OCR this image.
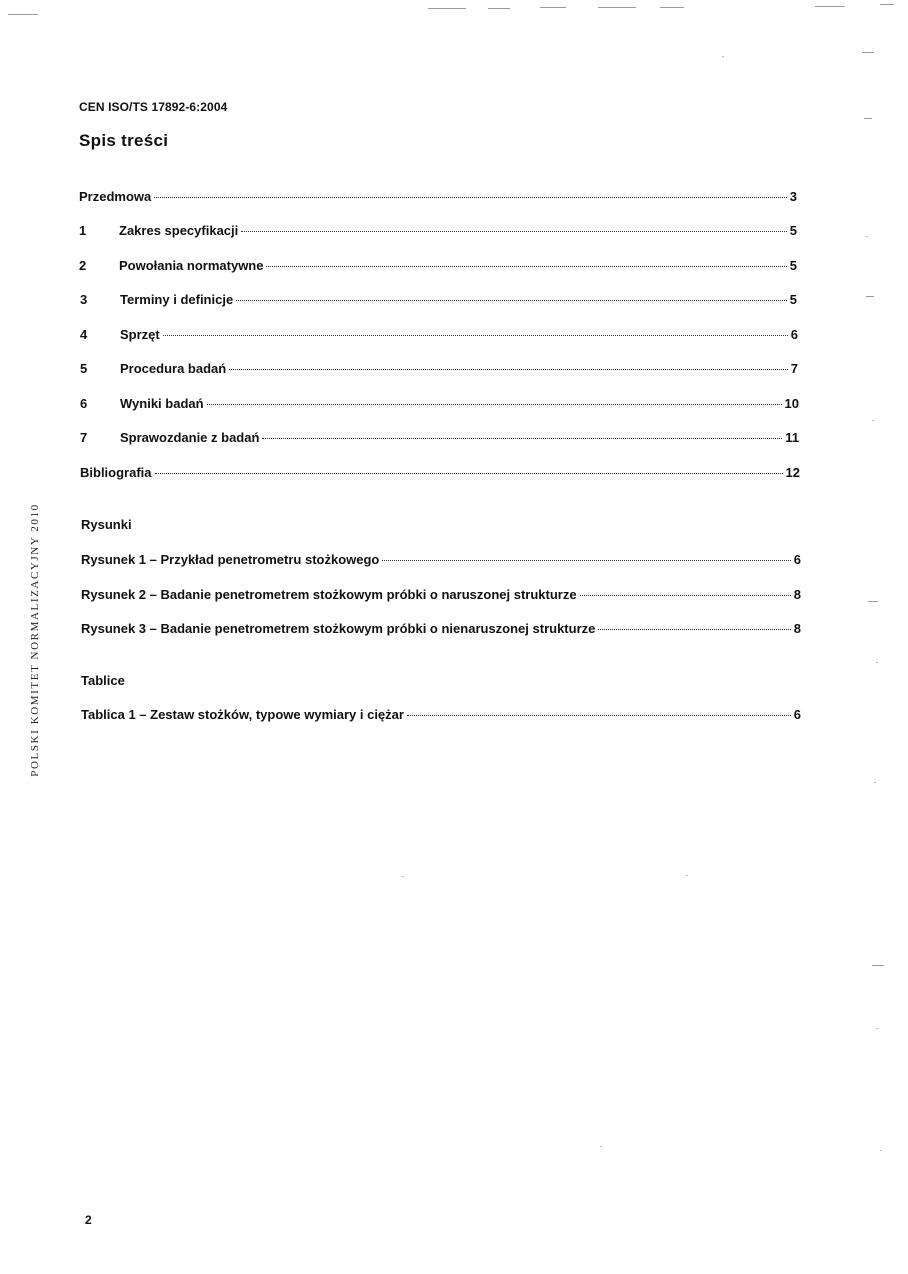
CEN ISO/TS 17892-6:2004
Spis treści
Przedmowa	3
1	Zakres specyfikacji	5
2	Powołania normatywne	5
3	Terminy i definicje	5
4	Sprzęt	6
5	Procedura badań	7
6	Wyniki badań	10
7	Sprawozdanie z badań	11
Bibliografia	12
Rysunki
Rysunek 1 – Przykład penetrometru stożkowego	6
Rysunek 2 – Badanie penetrometrem stożkowym próbki o naruszonej strukturze	8
Rysunek 3 – Badanie penetrometrem stożkowym próbki o nienaruszonej strukturze	8
Tablice
Tablica 1 – Zestaw stożków, typowe wymiary i ciężar	6
POLSKI KOMITET NORMALIZACYJNY 2010
2
